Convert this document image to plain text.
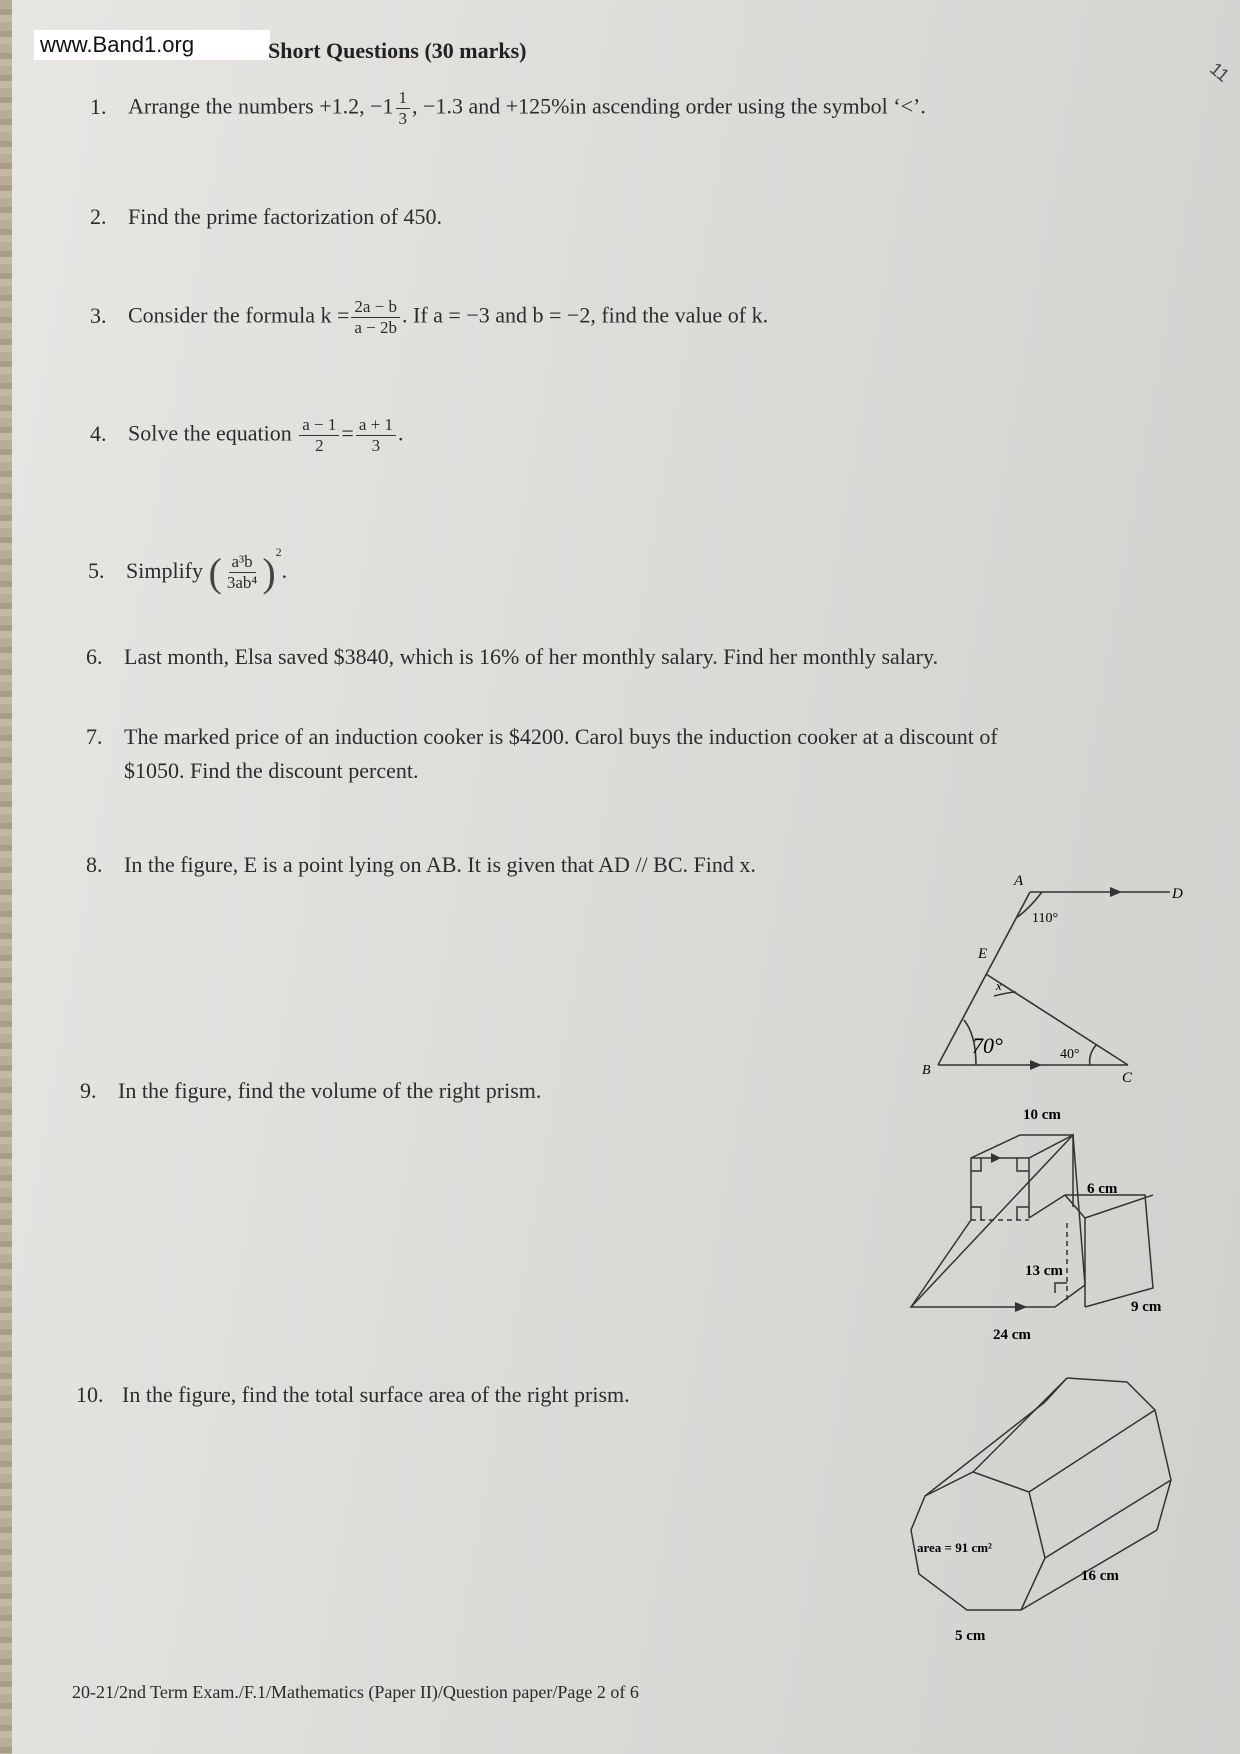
www.Band1.org	Short Questions (30 marks)
11
1. Arrange the numbers +1.2, $-1 \frac{1}{3}$ , −1.3 and +125%in ascending order using the symbol ‘<’.
2. Find the prime factorization of 450.
3. Consider the formula $k = \frac{2a - b}{a - 2b}$ . If a = −3 and b = −2, find the value of k.
4. Solve the equation $\frac{a - 1}{2} = \frac{a + 1}{3}$ .
5. Simplify ( $\frac{\text{a³b}}{\text{3ab⁴}} )^2$.
6. Last month, Elsa saved $3840, which is 16% of her monthly salary. Find her monthly salary.
7. The marked price of an induction cooker is $4200. Carol buys the induction cooker at a discount of
$1050. Find the discount percent.
8. In the figure, E is a point lying on AB. It is given that AD // BC. Find x.
9. In the figure, find the volume of the right prism.
10. In the figure, find the total surface area of the right prism.
A
D
E
B	C
x
110°
70°	40°
10 cm
6 cm
13 cm
9 cm
24 cm
area = 91 cm²
16 cm
5 cm
20-21/2nd Term Exam./F.1/Mathematics (Paper II)/Question paper/Page 2 of 6
